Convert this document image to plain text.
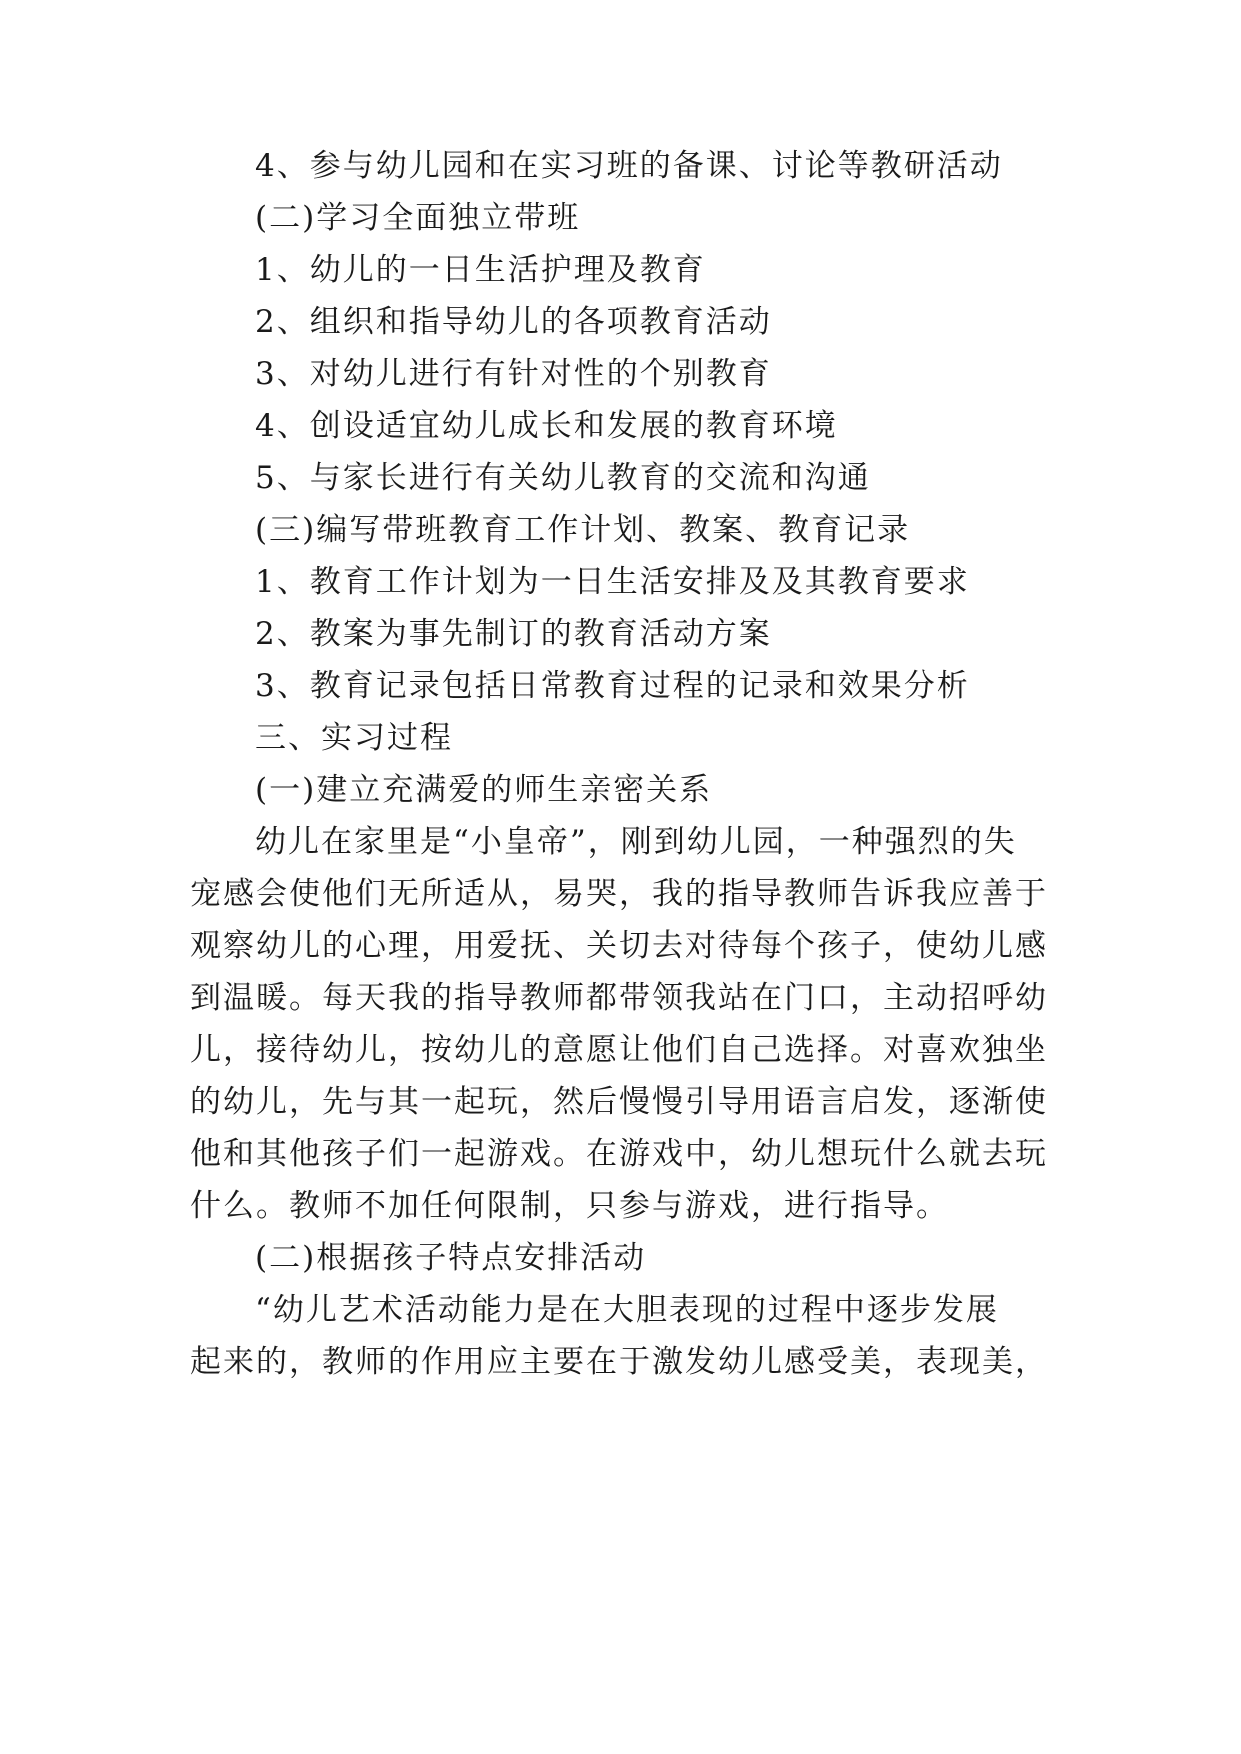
4、参与幼儿园和在实习班的备课、讨论等教研活动
(二)学习全面独立带班
1、幼儿的一日生活护理及教育
2、组织和指导幼儿的各项教育活动
3、对幼儿进行有针对性的个别教育
4、创设适宜幼儿成长和发展的教育环境
5、与家长进行有关幼儿教育的交流和沟通
(三)编写带班教育工作计划、教案、教育记录
1、教育工作计划为一日生活安排及及其教育要求
2、教案为事先制订的教育活动方案
3、教育记录包括日常教育过程的记录和效果分析
三、实习过程
(一)建立充满爱的师生亲密关系
幼儿在家里是“小皇帝”，刚到幼儿园，一种强烈的失
宠感会使他们无所适从，易哭，我的指导教师告诉我应善于
观察幼儿的心理，用爱抚、关切去对待每个孩子，使幼儿感
到温暖。每天我的指导教师都带领我站在门口，主动招呼幼
儿，接待幼儿，按幼儿的意愿让他们自己选择。对喜欢独坐
的幼儿，先与其一起玩，然后慢慢引导用语言启发，逐渐使
他和其他孩子们一起游戏。在游戏中，幼儿想玩什么就去玩
什么。教师不加任何限制，只参与游戏，进行指导。
(二)根据孩子特点安排活动
“幼儿艺术活动能力是在大胆表现的过程中逐步发展
起来的，教师的作用应主要在于激发幼儿感受美，表现美，
